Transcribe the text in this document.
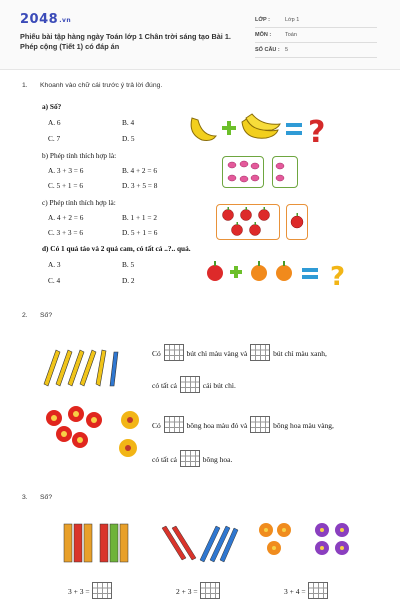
2048.vn
Phiếu bài tập hàng ngày Toán lớp 1 Chân trời sáng tạo Bài 1. Phép cộng (Tiết 1) có đáp án
LỚP :	Lớp 1
MÔN :	Toán
SỐ CÂU : 5
1. Khoanh vào chữ cái trước ý trả lời đúng.
a) Số?
A. 6	B. 4
C. 7	D. 5
b) Phép tính thích hợp là:
A. 3 + 3 = 6	B. 4 + 2 = 6
C. 5 + 1 = 6	D. 3 + 5 = 8
c) Phép tính thích hợp là:
A. 4 + 2 = 6	B. 1 + 1 = 2
C. 3 + 3 = 6	D. 5 + 1 = 6
d) Có 1 quả táo và 2 quả cam, có tất cả ..?.. quả.
A. 3	B. 5
C. 4	D. 2
?
?
2. Số?
Có	bút chì màu vàng và	bút chì màu xanh,
có tất cả	cái bút chì.
Có	bông hoa màu đỏ và	bông hoa màu vàng,
có tất cả	bông hoa.
3. Số?
3 + 3 =	2 + 3 =	3 + 4 =
